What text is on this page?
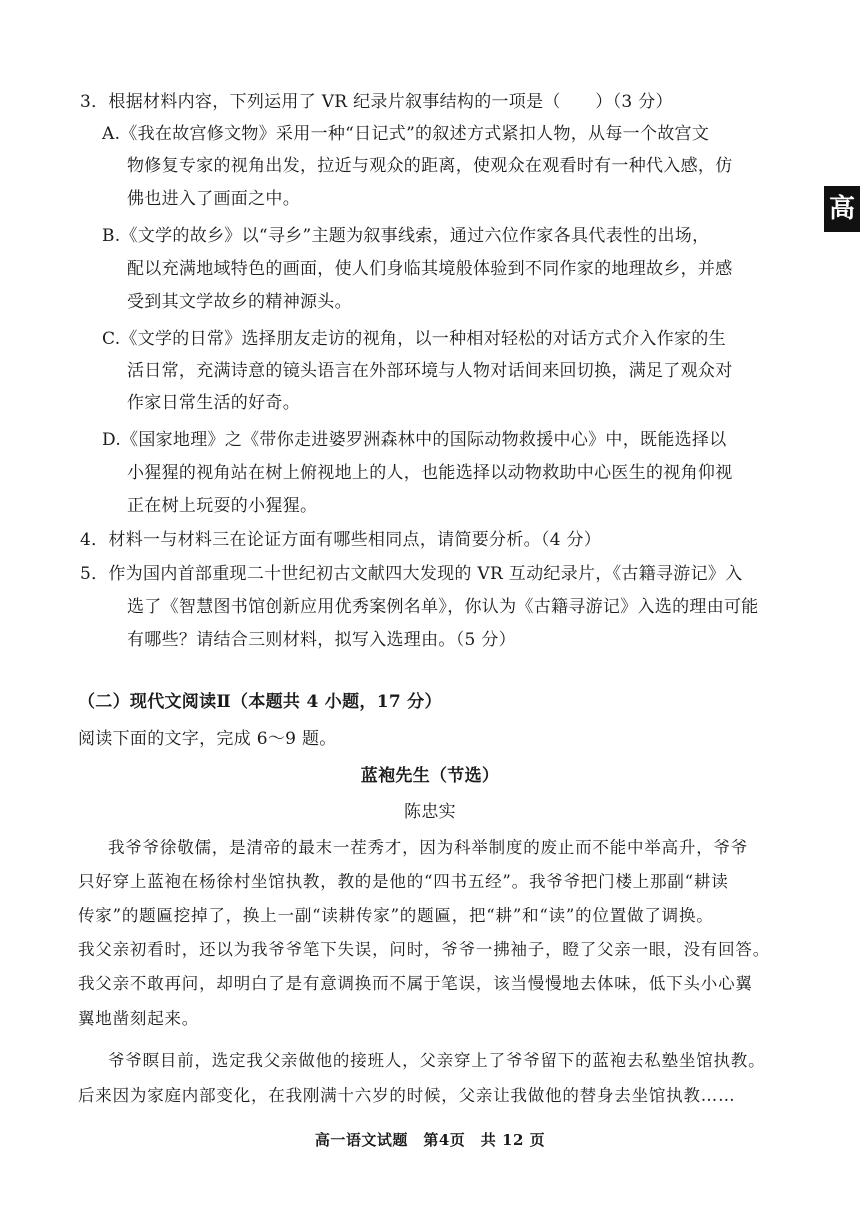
高
3．根据材料内容，下列运用了 VR 纪录片叙事结构的一项是（　　）（3 分）
A.《我在故宫修文物》采用一种“日记式”的叙述方式紧扣人物，从每一个故宫文
物修复专家的视角出发，拉近与观众的距离，使观众在观看时有一种代入感，仿
佛也进入了画面之中。
B.《文学的故乡》以“寻乡”主题为叙事线索，通过六位作家各具代表性的出场，
配以充满地域特色的画面，使人们身临其境般体验到不同作家的地理故乡，并感
受到其文学故乡的精神源头。
C.《文学的日常》选择朋友走访的视角，以一种相对轻松的对话方式介入作家的生
活日常，充满诗意的镜头语言在外部环境与人物对话间来回切换，满足了观众对
作家日常生活的好奇。
D.《国家地理》之《带你走进婆罗洲森林中的国际动物救援中心》中，既能选择以
小猩猩的视角站在树上俯视地上的人，也能选择以动物救助中心医生的视角仰视
正在树上玩耍的小猩猩。
4．材料一与材料三在论证方面有哪些相同点，请简要分析。（4 分）
5．作为国内首部重现二十世纪初古文献四大发现的 VR 互动纪录片，《古籍寻游记》入
选了《智慧图书馆创新应用优秀案例名单》，你认为《古籍寻游记》入选的理由可能
有哪些？请结合三则材料，拟写入选理由。（5 分）
（二）现代文阅读Ⅱ（本题共 4 小题，17 分）
阅读下面的文字，完成 6～9 题。
蓝袍先生（节选）
陈忠实
我爷爷徐敬儒，是清帝的最末一茬秀才，因为科举制度的废止而不能中举高升，爷爷
只好穿上蓝袍在杨徐村坐馆执教，教的是他的“四书五经”。我爷爷把门楼上那副“耕读
传家”的题匾挖掉了，换上一副“读耕传家”的题匾，把“耕”和“读”的位置做了调换。
我父亲初看时，还以为我爷爷笔下失误，问时，爷爷一拂袖子，瞪了父亲一眼，没有回答。
我父亲不敢再问，却明白了是有意调换而不属于笔误，该当慢慢地去体味，低下头小心翼
翼地凿刻起来。
爷爷瞑目前，选定我父亲做他的接班人，父亲穿上了爷爷留下的蓝袍去私塾坐馆执教。
后来因为家庭内部变化，在我刚满十六岁的时候，父亲让我做他的替身去坐馆执教……
高一语文试题　第4页　共 12 页
